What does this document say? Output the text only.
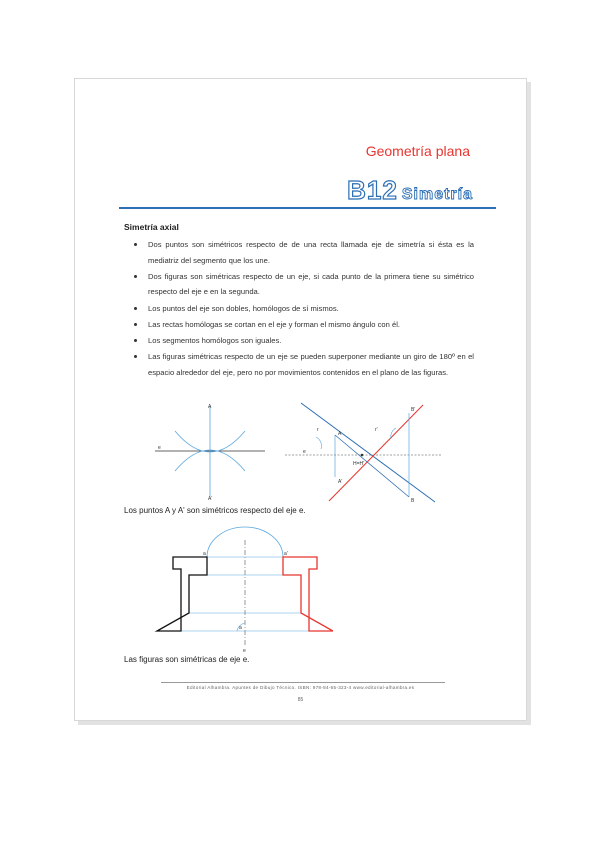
Geometría plana
B12 Simetría
Simetría axial
Dos puntos son simétricos respecto de de una recta llamada eje de simetría si ésta es la mediatriz del segmento que los une.
Dos figuras son simétricas respecto de un eje, si cada punto de la primera tiene su simétrico respecto del eje e en la segunda.
Los puntos del eje son dobles, homólogos de sí mismos.
Las rectas homólogas se cortan en el eje y forman el mismo ángulo con él.
Los segmentos homólogos son iguales.
Las figuras simétricas respecto de un eje se pueden superponer mediante un giro de 180º en el espacio alrededor del eje, pero no por movimientos contenidos en el plano de las figuras.
A
A'
e
A
A'
B'
B
e
H=H'
r'
r
Los puntos A y A' son simétricos respecto del eje e.
a	a'
a
e
Las figuras son simétricas de eje e.
Editorial Alhambra. Apuntes de Dibujo Técnico. ISBN: 978-84-65-323-4 www.editorial-alhambra.es
85
